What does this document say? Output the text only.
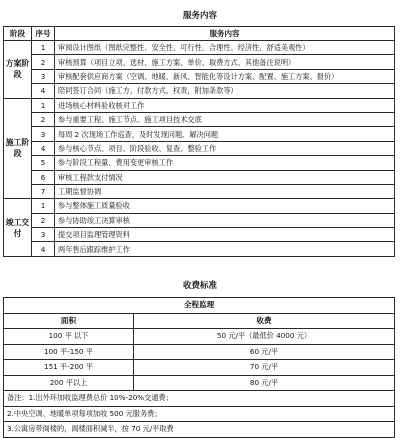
服务内容
阶段	序号	服务内容
方案阶段	1	审阅设计图纸（图纸完整性、安全性、可行性、合理性、经济性、舒适美观性）
	2	审核预算（项目立项、选材、施工方案、单价、取费方式、其他备注说明）
	3	审核配套供应商方案（空调、地暖、新风、智能化等设计方案、配置、施工方案、报价）
	4	陪同签订合同（施工方，付款方式，权责，附加条款等）
施工阶段	1	进场核心材料验收核对工作
	2	参与重要工程、施工节点、施工项目技术交底
	3	每周 2 次现场工作巡查，及时发现问题、解决问题
	4	参与核心节点、项目、阶段验收、复查、整验工作
	5	参与阶段工程量、费用变更审核工作
	6	审核工程款支付情况
	7	工期监督协调
竣工交付	1	参与整体施工质量验收
	2	参与协助竣工决算审核
	3	提交项目监理管理资料
	4	两年售后跟踪维护工作
收费标准
全程监理	
面积	收费
100 平 以下	50 元/平（最低价 4000 元）
100 平-150 平	60 元/平
151 平-200 平	70 元/平
200 平以上	80 元/平
备注：1.出外环加收监理费总价 10%-20%交通费；	
2.中央空调、地暖单项每项加收 500 元服务费；	
3.公寓房带阁楼的，阁楼面积减半，按 70 元/平取费	
